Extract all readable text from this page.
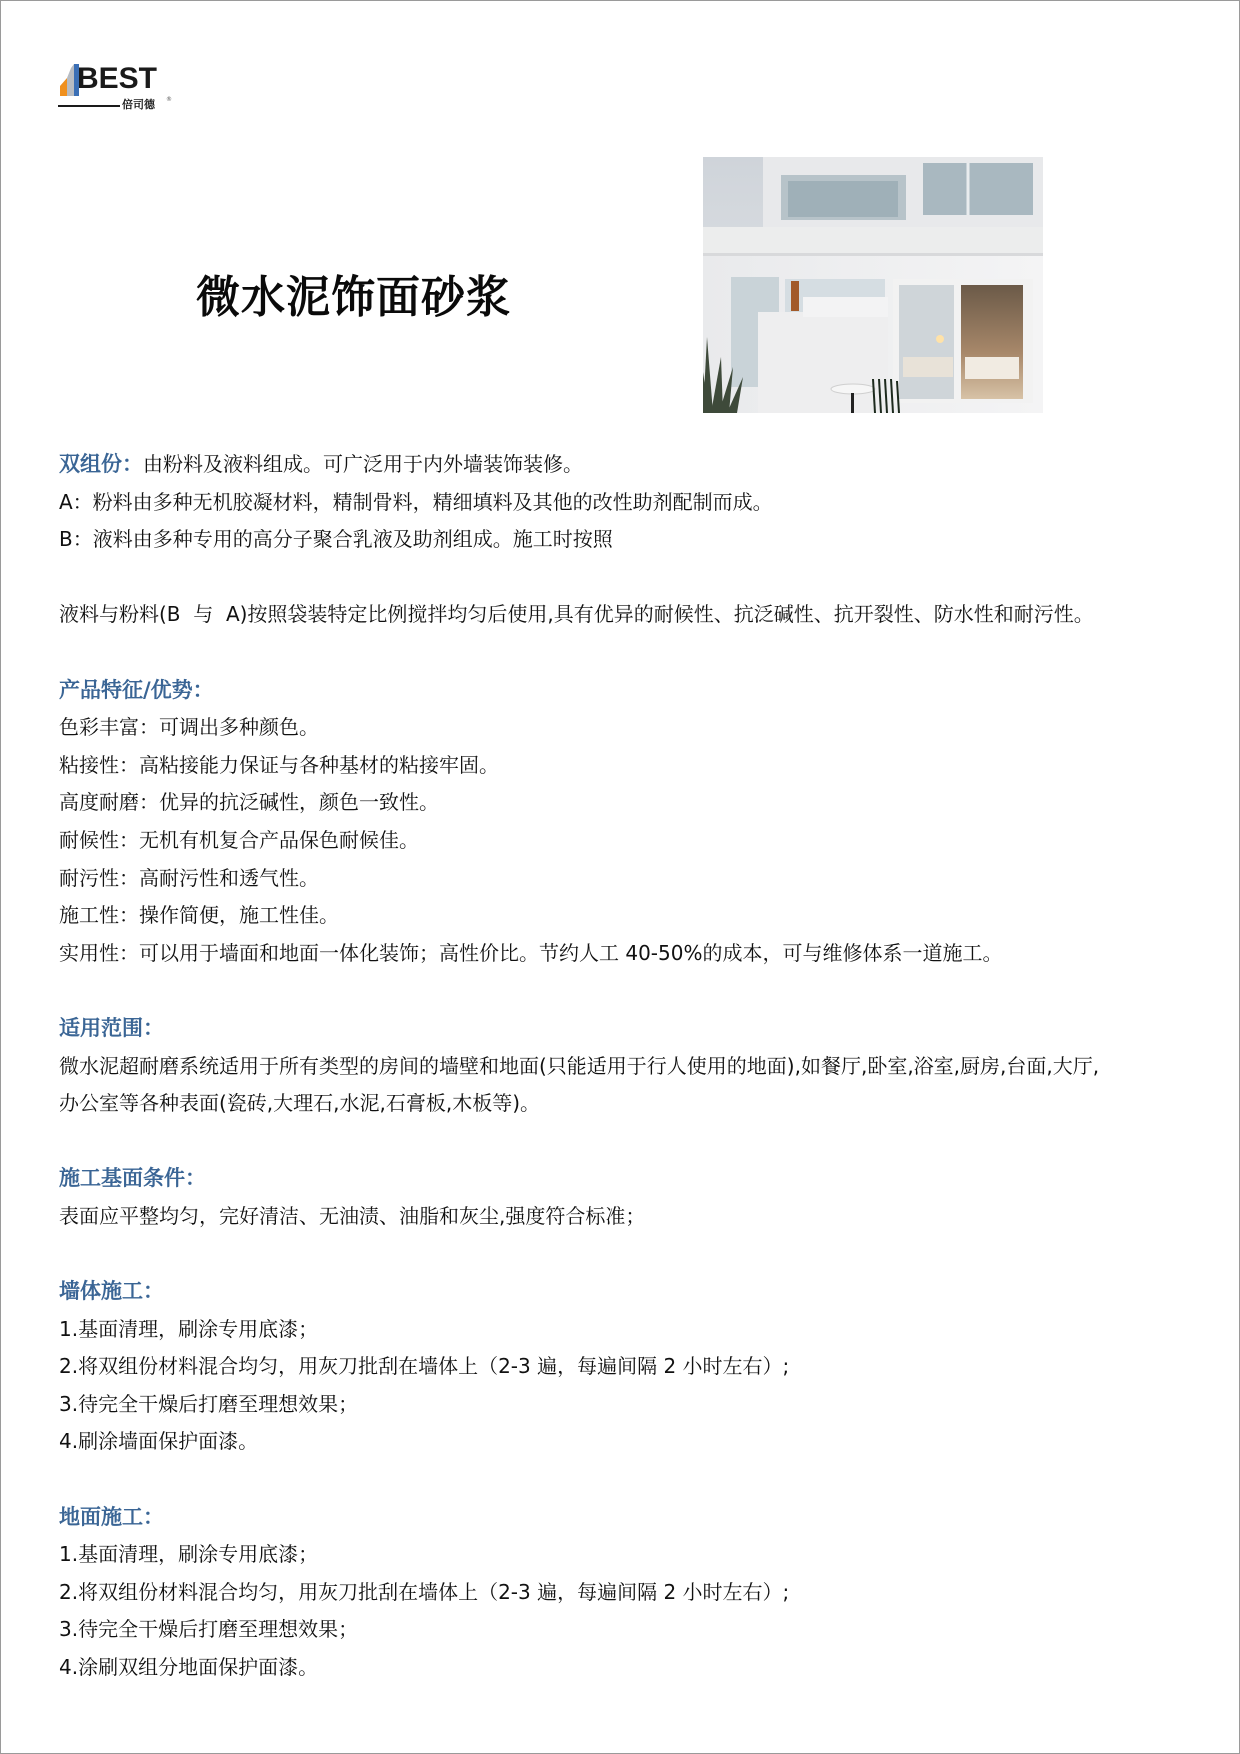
BEST
倍司德 ®
微水泥饰面砂浆
双组份：由粉料及液料组成。可广泛用于内外墙装饰装修。
A：粉料由多种无机胶凝材料，精制骨料，精细填料及其他的改性助剂配制而成。
B：液料由多种专用的高分子聚合乳液及助剂组成。施工时按照
液料与粉料(B  与  A)按照袋装特定比例搅拌均匀后使用,具有优异的耐候性、抗泛碱性、抗开裂性、防水性和耐污性。
产品特征/优势：
色彩丰富：可调出多种颜色。
粘接性：高粘接能力保证与各种基材的粘接牢固。
高度耐磨：优异的抗泛碱性，颜色一致性。
耐候性：无机有机复合产品保色耐候佳。
耐污性：高耐污性和透气性。
施工性：操作简便，施工性佳。
实用性：可以用于墙面和地面一体化装饰；高性价比。节约人工 40-50%的成本，可与维修体系一道施工。
适用范围：
微水泥超耐磨系统适用于所有类型的房间的墙壁和地面(只能适用于行人使用的地面),如餐厅,卧室,浴室,厨房,台面,大厅,
办公室等各种表面(瓷砖,大理石,水泥,石膏板,木板等)。
施工基面条件：
表面应平整均匀，完好清洁、无油渍、油脂和灰尘,强度符合标准；
墙体施工：
1.基面清理，刷涂专用底漆；
2.将双组份材料混合均匀，用灰刀批刮在墙体上（2-3 遍，每遍间隔 2 小时左右）;
3.待完全干燥后打磨至理想效果；
4.刷涂墙面保护面漆。
地面施工：
1.基面清理，刷涂专用底漆；
2.将双组份材料混合均匀，用灰刀批刮在墙体上（2-3 遍，每遍间隔 2 小时左右）;
3.待完全干燥后打磨至理想效果；
4.涂刷双组分地面保护面漆。
